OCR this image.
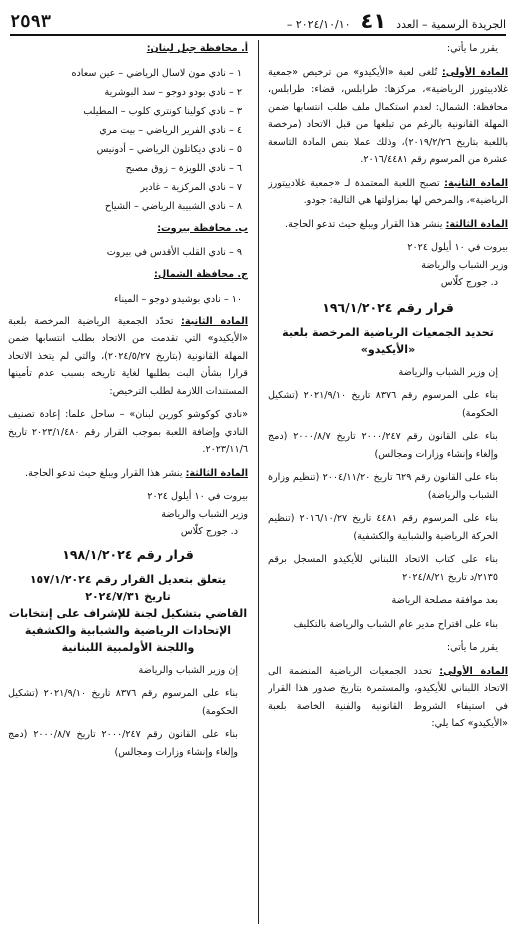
٢٥٩٣	– ٢٠٢٤/١٠/١٠ ٤١ الجريدة الرسمية – العدد

يقرر ما يأتي:

المادة الأولى: تُلغى لعبة «الأيكيدو» من ترخيص «جمعية غلادييتورز الرياضية»، مركزها: طرابلس، قضاء: طرابلس، محافظة: الشمال: لعدم استكمال ملف طلب انتسابها ضمن المهلة القانونية بالرغم من تبلغها من قبل الاتحاد (مرخصة باللعبة بتاريخ ٢٠١٩/٢/٢٦)، وذلك عملا بنص المادة التاسعة عشرة من المرسوم رقم ٢٠١٦/٤٤٨١.

المادة الثانية: تصبح اللعبة المعتمدة لـ «جمعية غلادييتورز الرياضية»، والمرخص لها بمزاولتها هي التالية: جودو.

المادة الثالثة: ينشر هذا القرار ويبلغ حيث تدعو الحاجة.

بيروت في ١٠ أيلول ٢٠٢٤

وزير الشباب والرياضة

د. جورج كلّاس

قرار رقم ١٩٦/١/٢٠٢٤

تحديد الجمعيات الرياضية المرخصة بلعبة «الأيكيدو»

إن وزير الشباب والرياضة

بناء على المرسوم رقم ٨٣٧٦ تاريخ ٢٠٢١/٩/١٠ (تشكيل الحكومة)

بناء على القانون رقم ٢٠٠٠/٢٤٧ تاريخ ٢٠٠٠/٨/٧ (دمج وإلغاء وإنشاء وزارات ومجالس)

بناء على القانون رقم ٦٢٩ تاريخ ٢٠٠٤/١١/٢٠ (تنظيم وزارة الشباب والرياضة)

بناء على المرسوم رقم ٤٤٨١ تاريخ ٢٠١٦/١٠/٢٧ (تنظيم الحركة الرياضية والشبابية والكشفية)

بناء على كتاب الاتحاد اللبناني للأيكيدو المسجل برقم ٢١٣٥/د تاريخ ٢٠٢٤/٨/٢١

بعد موافقة مصلحة الرياضة

بناء على اقتراح مدير عام الشباب والرياضة بالتكليف

يقرر ما يأتي:

المادة الأولى: تحدد الجمعيات الرياضية المنضمة الى الاتحاد اللبناني للأيكيدو، والمستمرة بتاريخ صدور هذا القرار في استيفاء الشروط القانونية والفنية الخاصة بلعبة «الأيكيدو» كما يلي:

أ. محافظة جبل لبنان:

١ – نادي مون لاسال الرياضي – عين سعاده
٢ – نادي بودو دوجو – سد البوشرية
٣ – نادي كولينا كونتري كلوب – المطيلب
٤ – نادي الفرير الرياضي – بيت مري
٥ – نادي ديكاتلون الرياضي – أدونيس
٦ – نادي اللويزة – زوق مصبح
٧ – نادي المركزية – غادير
٨ – نادي الشبيبة الرياضي – الشياح

ب. محافظة بيروت:

٩ – نادي القلب الأقدس في بيروت

ج. محافظة الشمال:

١٠ – نادي بوشيدو دوجو – الميناء

المادة الثانية: تحدّد الجمعية الرياضية المرخصة بلعبة «الأيكيدو» التي تقدمت من الاتحاد بطلب انتسابها ضمن المهلة القانونية (بتاريخ ٢٠٢٤/٥/٢٧)، والتي لم يتخذ الاتحاد قرارا بشأن البت بطلبها لغاية تاريخه بسبب عدم تأمينها المستندات اللازمة لطلب الترخيص:

«نادي كوكوشو كورين لبنان» – ساحل علما: إعادة تصنيف النادي وإضافة اللعبة بموجب القرار رقم ٢٠٢٣/١/٤٨٠ تاريخ ٢٠٢٣/١١/٦.

المادة الثالثة: ينشر هذا القرار ويبلغ حيث تدعو الحاجة.

بيروت في ١٠ أيلول ٢٠٢٤

وزير الشباب والرياضة

د. جورج كلّاس

قرار رقم ١٩٨/١/٢٠٢٤

يتعلق بتعديل القرار رقم ١٥٧/١/٢٠٢٤

تاريخ ٢٠٢٤/٧/٣١

القاضي بتشكيل لجنة للإشراف على إنتخابات الإتحادات الرياضية والشبابية والكشفية واللجنة الأولمبية اللبنانية

إن وزير الشباب والرياضة

بناء على المرسوم رقم ٨٣٧٦ تاريخ ٢٠٢١/٩/١٠ (تشكيل الحكومة)

بناء على القانون رقم ٢٠٠٠/٢٤٧ تاريخ ٢٠٠٠/٨/٧ (دمج وإلغاء وإنشاء وزارات ومجالس)
